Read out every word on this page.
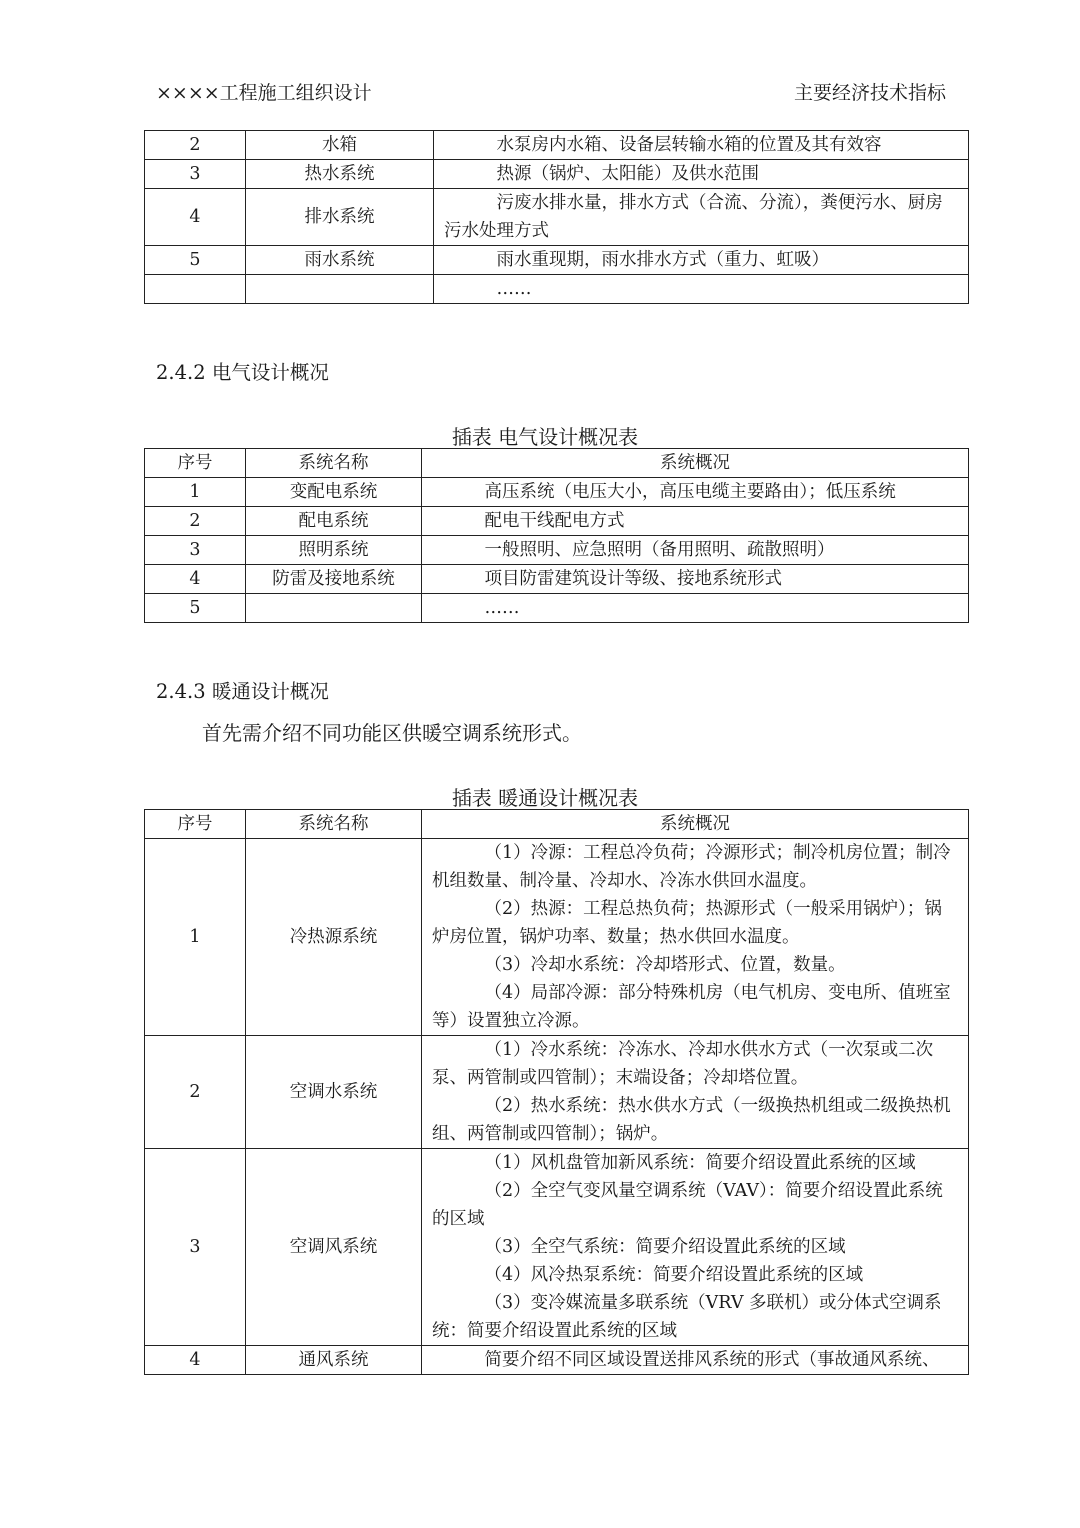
××××工程施工组织设计	主要经济技术指标
2	水箱	水泵房内水箱、设备层转输水箱的位置及其有效容

3	热水系统	热源（锅炉、太阳能）及供水范围

4	排水系统	污废水排水量，排水方式（合流、分流），粪便污水、厨房污水处理方式

5	雨水系统	雨水重现期，雨水排水方式（重力、虹吸）

		……

2.4.2 电气设计概况
插表 电气设计概况表
序号	系统名称	系统概况
1	变配电系统	高压系统（电压大小，高压电缆主要路由）；低压系统

2	配电系统	配电干线配电方式

3	照明系统	一般照明、应急照明（备用照明、疏散照明）

4	防雷及接地系统	项目防雷建筑设计等级、接地系统形式

5		……

2.4.3 暖通设计概况
首先需介绍不同功能区供暖空调系统形式。
插表 暖通设计概况表
序号	系统名称	系统概况
1	冷热源系统	（1）冷源：工程总冷负荷；冷源形式；制冷机房位置；制冷机组数量、制冷量、冷却水、冷冻水供回水温度。

（2）热源：工程总热负荷；热源形式（一般采用锅炉）；锅炉房位置，锅炉功率、数量；热水供回水温度。

（3）冷却水系统：冷却塔形式、位置，数量。

（4）局部冷源：部分特殊机房（电气机房、变电所、值班室等）设置独立冷源。

2	空调水系统	（1）冷水系统：冷冻水、冷却水供水方式（一次泵或二次泵、两管制或四管制）；末端设备；冷却塔位置。

（2）热水系统：热水供水方式（一级换热机组或二级换热机组、两管制或四管制）；锅炉。

3	空调风系统	（1）风机盘管加新风系统：简要介绍设置此系统的区域

（2）全空气变风量空调系统（VAV）：简要介绍设置此系统的区域

（3）全空气系统：简要介绍设置此系统的区域

（4）风冷热泵系统：简要介绍设置此系统的区域

（3）变冷媒流量多联系统（VRV 多联机）或分体式空调系统：简要介绍设置此系统的区域

4	通风系统	简要介绍不同区域设置送排风系统的形式（事故通风系统、
